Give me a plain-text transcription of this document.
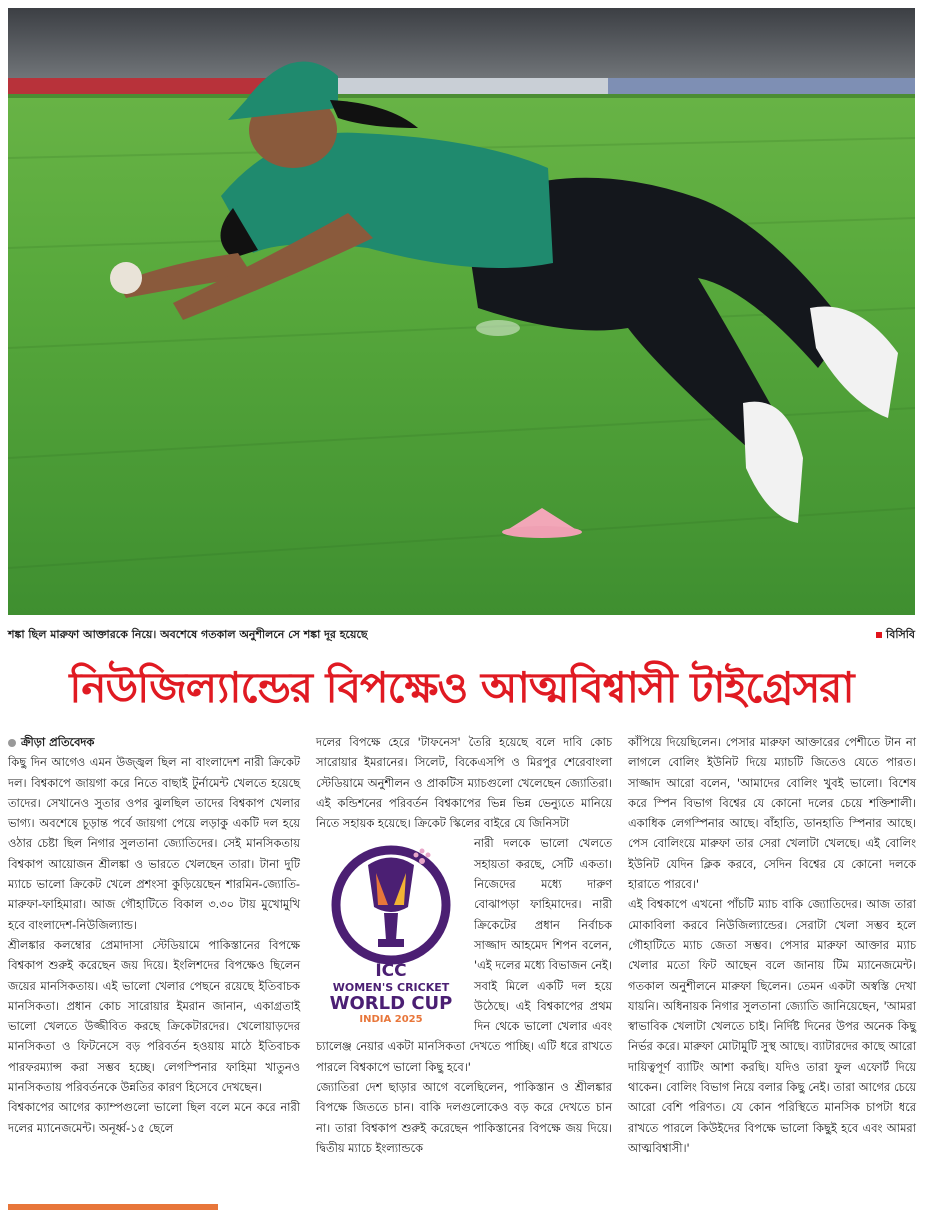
শঙ্কা ছিল মারুফা আক্তারকে নিয়ে। অবশেষে গতকাল অনুশীলনে সে শঙ্কা দূর হয়েছে	বিসিবি
নিউজিল্যান্ডের বিপক্ষেও আত্মবিশ্বাসী টাইগ্রেসরা
ক্রীড়া প্রতিবেদক

কিছু দিন আগেও এমন উজ্জ্বল ছিল না বাংলাদেশ নারী ক্রিকেট দল। বিশ্বকাপে জায়গা করে নিতে বাছাই টুর্নামেন্ট খেলতে হয়েছে তাদের। সেখানেও সুতার ওপর ঝুলছিল তাদের বিশ্বকাপ খেলার ভাগ্য। অবশেষে চূড়ান্ত পর্বে জায়গা পেয়ে লড়াকু একটি দল হয়ে ওঠার চেষ্টা ছিল নিগার সুলতানা জ্যোতিদের। সেই মানসিকতায় বিশ্বকাপ আয়োজন শ্রীলঙ্কা ও ভারতে খেলছেন তারা। টানা দুটি ম্যাচে ভালো ক্রিকেট খেলে প্রশংসা কুড়িয়েছেন শারমিন-জ্যোতি-মারুফা-ফাহিমারা। আজ গৌহাটিতে বিকাল ৩.৩০ টায় মুখোমুখি হবে বাংলাদেশ-নিউজিল্যান্ড।

শ্রীলঙ্কার কলম্বোর প্রেমাদাসা স্টেডিয়ামে পাকিস্তানের বিপক্ষে বিশ্বকাপ শুরুই করেছেন জয় দিয়ে। ইংলিশদের বিপক্ষেও ছিলেন জয়ের মানসিকতায়। এই ভালো খেলার পেছনে রয়েছে ইতিবাচক মানসিকতা। প্রধান কোচ সারোয়ার ইমরান জানান, একাগ্রতাই ভালো খেলতে উজ্জীবিত করছে ক্রিকেটারদের। খেলোয়াড়দের মানসিকতা ও ফিটনেসে বড় পরিবর্তন হওয়ায় মাঠে ইতিবাচক পারফরম্যান্স করা সম্ভব হচ্ছে। লেগস্পিনার ফাহিমা খাতুনও মানসিকতায় পরিবর্তনকে উন্নতির কারণ হিসেবে দেখছেন।

বিশ্বকাপের আগের ক্যাম্পগুলো ভালো ছিল বলে মনে করে নারী দলের ম্যানেজমেন্ট। অনূর্ধ্ব-১৫ ছেলে

দলের বিপক্ষে হেরে 'টাফনেস' তৈরি হয়েছে বলে দাবি কোচ সারোয়ার ইমরানের। সিলেট, বিকেএসপি ও মিরপুর শেরেবাংলা স্টেডিয়ামে অনুশীলন ও প্রাকটিস ম্যাচগুলো খেলেছেন জ্যোতিরা। এই কন্ডিশনের পরিবর্তন বিশ্বকাপের ভিন্ন ভিন্ন ভেন্যুতে মানিয়ে নিতে সহায়ক হয়েছে। ক্রিকেট স্কিলের বাইরে যে জিনিসটা

ICC
WOMEN'S CRICKET
WORLD CUP
INDIA 2025

নারী দলকে ভালো খেলতে সহায়তা করছে, সেটি একতা। নিজেদের মধ্যে দারুণ বোঝাপড়া ফাহিমাদের। নারী ক্রিকেটের প্রধান নির্বাচক সাজ্জাদ আহমেদ শিপন বলেন, 'এই দলের মধ্যে বিভাজন নেই। সবাই মিলে একটি দল হয়ে উঠেছে। এই বিশ্বকাপের প্রথম দিন থেকে ভালো খেলার এবং চ্যালেঞ্জ নেয়ার একটা মানসিকতা দেখতে পাচ্ছি। এটি ধরে রাখতে পারলে বিশ্বকাপে ভালো কিছু হবে।'

জ্যোতিরা দেশ ছাড়ার আগে বলেছিলেন, পাকিস্তান ও শ্রীলঙ্কার বিপক্ষে জিততে চান। বাকি দলগুলোকেও বড় করে দেখতে চান না। তারা বিশ্বকাপ শুরুই করেছেন পাকিস্তানের বিপক্ষে জয় দিয়ে। দ্বিতীয় ম্যাচে ইংল্যান্ডকে

কাঁপিয়ে দিয়েছিলেন। পেসার মারুফা আক্তারের পেশীতে টান না লাগলে বোলিং ইউনিট দিয়ে ম্যাচটি জিতেও যেতে পারত। সাজ্জাদ আরো বলেন, 'আমাদের বোলিং খুবই ভালো। বিশেষ করে স্পিন বিভাগ বিশ্বের যে কোনো দলের চেয়ে শক্তিশালী। একাধিক লেগস্পিনার আছে। বাঁহাতি, ডানহাতি স্পিনার আছে। পেস বোলিংয়ে মারুফা তার সেরা খেলাটা খেলছে। এই বোলিং ইউনিট যেদিন ক্লিক করবে, সেদিন বিশ্বের যে কোনো দলকে হারাতে পারবে।'

এই বিশ্বকাপে এখনো পাঁচটি ম্যাচ বাকি জ্যোতিদের। আজ তারা মোকাবিলা করবে নিউজিল্যান্ডের। সেরাটা খেলা সম্ভব হলে গৌহাটিতে ম্যাচ জেতা সম্ভব। পেসার মারুফা আক্তার ম্যাচ খেলার মতো ফিট আছেন বলে জানায় টিম ম্যানেজমেন্ট। গতকাল অনুশীলনে মারুফা ছিলেন। তেমন একটা অস্বস্তি দেখা যায়নি। অধিনায়ক নিগার সুলতানা জ্যোতি জানিয়েছেন, 'আমরা স্বাভাবিক খেলাটা খেলতে চাই। নির্দিষ্ট দিনের উপর অনেক কিছু নির্ভর করে। মারুফা মোটামুটি সুস্থ আছে। ব্যাটারদের কাছে আরো দায়িত্বপূর্ণ ব্যাটিং আশা করছি। যদিও তারা ফুল এফোর্ট দিয়ে থাকেন। বোলিং বিভাগ নিয়ে বলার কিছু নেই। তারা আগের চেয়ে আরো বেশি পরিণত। যে কোন পরিস্থিতে মানসিক চাপটা ধরে রাখতে পারলে কিউইদের বিপক্ষে ভালো কিছুই হবে এবং আমরা আত্মবিশ্বাসী।'
